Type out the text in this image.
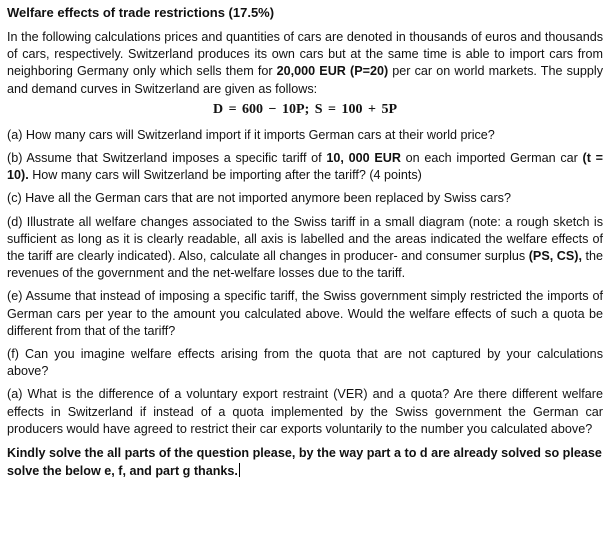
Welfare effects of trade restrictions (17.5%)

In the following calculations prices and quantities of cars are denoted in thousands of euros and thousands of cars, respectively. Switzerland produces its own cars but at the same time is able to import cars from neighboring Germany only which sells them for 20,000 EUR (P=20) per car on world markets. The supply and demand curves in Switzerland are given as follows:

D = 600 − 10P; S = 100 + 5P

(a) How many cars will Switzerland import if it imports German cars at their world price?

(b) Assume that Switzerland imposes a specific tariff of 10, 000 EUR on each imported German car (t = 10). How many cars will Switzerland be importing after the tariff? (4 points)

(c) Have all the German cars that are not imported anymore been replaced by Swiss cars?

(d) Illustrate all welfare changes associated to the Swiss tariff in a small diagram (note: a rough sketch is sufficient as long as it is clearly readable, all axis is labelled and the areas indicated the welfare effects of the tariff are clearly indicated). Also, calculate all changes in producer- and consumer surplus (PS, CS), the revenues of the government and the net-welfare losses due to the tariff.

(e) Assume that instead of imposing a specific tariff, the Swiss government simply restricted the imports of German cars per year to the amount you calculated above. Would the welfare effects of such a quota be different from that of the tariff?

(f) Can you imagine welfare effects arising from the quota that are not captured by your calculations above?

(a) What is the difference of a voluntary export restraint (VER) and a quota? Are there different welfare effects in Switzerland if instead of a quota implemented by the Swiss government the German car producers would have agreed to restrict their car exports voluntarily to the number you calculated above?

Kindly solve the all parts of the question please, by the way part a to d are already solved so please solve the below e, f, and part g thanks.
